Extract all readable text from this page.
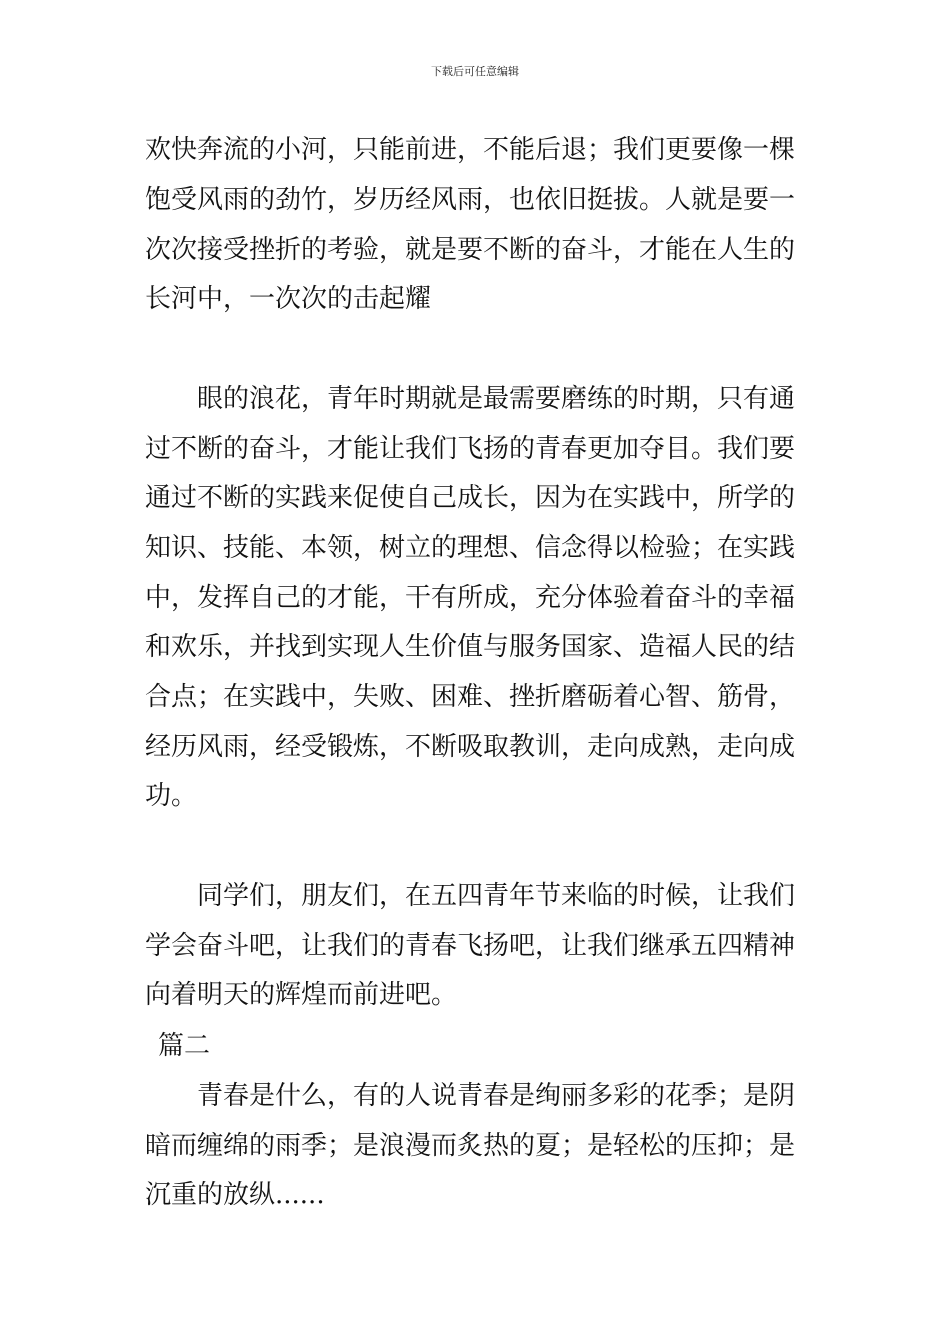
下载后可任意编辑
欢快奔流的小河，只能前进，不能后退；我们更要像一棵
饱受风雨的劲竹，岁历经风雨，也依旧挺拔。人就是要一
次次接受挫折的考验，就是要不断的奋斗，才能在人生的
长河中，一次次的击起耀
眼的浪花，青年时期就是最需要磨练的时期，只有通
过不断的奋斗，才能让我们飞扬的青春更加夺目。我们要
通过不断的实践来促使自己成长，因为在实践中，所学的
知识、技能、本领，树立的理想、信念得以检验；在实践
中，发挥自己的才能，干有所成，充分体验着奋斗的幸福
和欢乐，并找到实现人生价值与服务国家、造福人民的结
合点；在实践中，失败、困难、挫折磨砺着心智、筋骨，
经历风雨，经受锻炼，不断吸取教训，走向成熟，走向成
功。
同学们，朋友们，在五四青年节来临的时候，让我们
学会奋斗吧，让我们的青春飞扬吧，让我们继承五四精神
向着明天的辉煌而前进吧。
篇二
青春是什么，有的人说青春是绚丽多彩的花季；是阴
暗而缠绵的雨季；是浪漫而炙热的夏；是轻松的压抑；是
沉重的放纵......
